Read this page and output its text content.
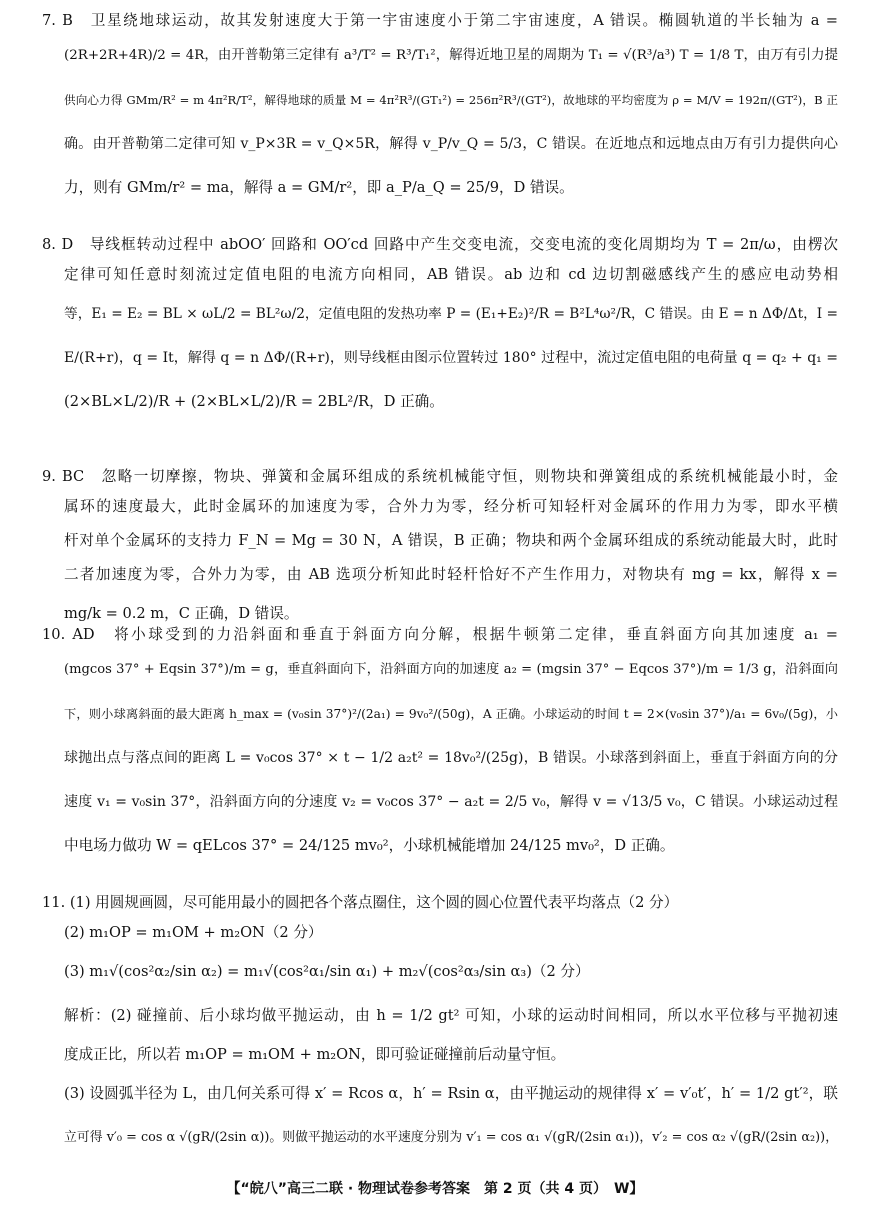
7. B　卫星绕地球运动，故其发射速度大于第一宇宙速度小于第二宇宙速度，A 错误。椭圆轨道的半长轴为 a =
(2R+2R+4R)/2 = 4R，由开普勒第三定律有 a³/T² = R³/T₁²，解得近地卫星的周期为 T₁ = √(R³/a³) T = 1/8 T，由万有引力提
供向心力得 GMm/R² = m 4π²R/T²，解得地球的质量 M = 4π²R³/(GT₁²) = 256π²R³/(GT²)，故地球的平均密度为 ρ = M/V = 192π/(GT²)，B 正
确。由开普勒第二定律可知 v_P×3R = v_Q×5R，解得 v_P/v_Q = 5/3，C 错误。在近地点和远地点由万有引力提供向心
力，则有 GMm/r² = ma，解得 a = GM/r²，即 a_P/a_Q = 25/9，D 错误。
8. D　导线框转动过程中 abOO′ 回路和 OO′cd 回路中产生交变电流，交变电流的变化周期均为 T = 2π/ω，由楞次
定律可知任意时刻流过定值电阻的电流方向相同，AB 错误。ab 边和 cd 边切割磁感线产生的感应电动势相
等，E₁ = E₂ = BL × ωL/2 = BL²ω/2，定值电阻的发热功率 P = (E₁+E₂)²/R = B²L⁴ω²/R，C 错误。由 E = n ΔΦ/Δt，I =
E/(R+r)，q = It，解得 q = n ΔΦ/(R+r)，则导线框由图示位置转过 180° 过程中，流过定值电阻的电荷量 q = q₂ + q₁ =
(2×BL×L/2)/R + (2×BL×L/2)/R = 2BL²/R，D 正确。
9. BC　忽略一切摩擦，物块、弹簧和金属环组成的系统机械能守恒，则物块和弹簧组成的系统机械能最小时，金
属环的速度最大，此时金属环的加速度为零，合外力为零，经分析可知轻杆对金属环的作用力为零，即水平横
杆对单个金属环的支持力 F_N = Mg = 30 N，A 错误，B 正确；物块和两个金属环组成的系统动能最大时，此时
二者加速度为零，合外力为零，由 AB 选项分析知此时轻杆恰好不产生作用力，对物块有 mg = kx，解得 x =
mg/k = 0.2 m，C 正确，D 错误。
10. AD　将小球受到的力沿斜面和垂直于斜面方向分解，根据牛顿第二定律，垂直斜面方向其加速度 a₁ =
(mgcos 37° + Eqsin 37°)/m = g，垂直斜面向下，沿斜面方向的加速度 a₂ = (mgsin 37° − Eqcos 37°)/m = 1/3 g，沿斜面向
下，则小球离斜面的最大距离 h_max = (v₀sin 37°)²/(2a₁) = 9v₀²/(50g)，A 正确。小球运动的时间 t = 2×(v₀sin 37°)/a₁ = 6v₀/(5g)，小
球抛出点与落点间的距离 L = v₀cos 37° × t − 1/2 a₂t² = 18v₀²/(25g)，B 错误。小球落到斜面上，垂直于斜面方向的分
速度 v₁ = v₀sin 37°，沿斜面方向的分速度 v₂ = v₀cos 37° − a₂t = 2/5 v₀，解得 v = √13/5 v₀，C 错误。小球运动过程
中电场力做功 W = qELcos 37° = 24/125 mv₀²，小球机械能增加 24/125 mv₀²，D 正确。
11. (1) 用圆规画圆，尽可能用最小的圆把各个落点圈住，这个圆的圆心位置代表平均落点（2 分）
(2) m₁OP = m₁OM + m₂ON（2 分）
(3) m₁√(cos²α₂/sin α₂) = m₁√(cos²α₁/sin α₁) + m₂√(cos²α₃/sin α₃)（2 分）
解析：(2) 碰撞前、后小球均做平抛运动，由 h = 1/2 gt² 可知，小球的运动时间相同，所以水平位移与平抛初速
度成正比，所以若 m₁OP = m₁OM + m₂ON，即可验证碰撞前后动量守恒。
(3) 设圆弧半径为 L，由几何关系可得 x′ = Rcos α，h′ = Rsin α，由平抛运动的规律得 x′ = v′₀t′，h′ = 1/2 gt′²，联
立可得 v′₀ = cos α √(gR/(2sin α))。则做平抛运动的水平速度分别为 v′₁ = cos α₁ √(gR/(2sin α₁))，v′₂ = cos α₂ √(gR/(2sin α₂))，
【“皖八”高三二联 · 物理试卷参考答案　第 2 页（共 4 页）　W】
